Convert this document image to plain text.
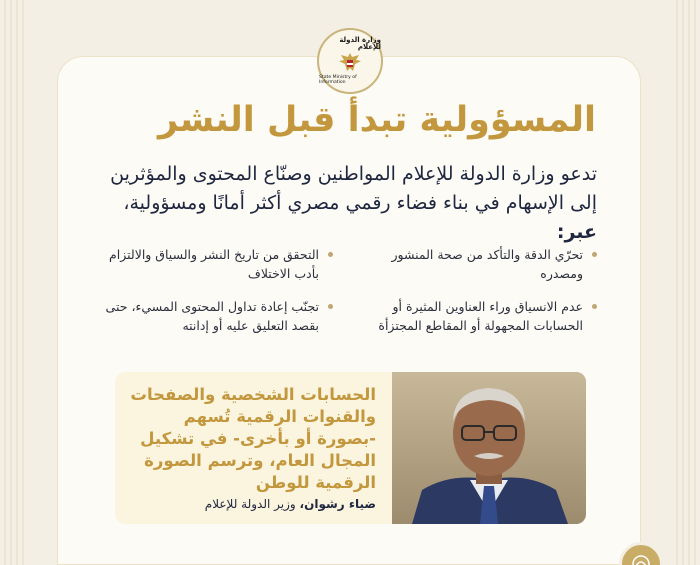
وزارة الدولة للإعلام
State Ministry of Information
المسؤولية تبدأ قبل النشر
تدعو وزارة الدولة للإعلام المواطنين وصنّاع المحتوى والمؤثرين إلى الإسهام في بناء فضاء رقمي مصري أكثر أمانًا ومسؤولية، عبر:
تحرّي الدقة والتأكد من صحة المنشور ومصدره
التحقق من تاريخ النشر والسياق والالتزام بأدب الاختلاف
عدم الانسياق وراء العناوين المثيرة أو الحسابات المجهولة أو المقاطع المجتزأة
تجنّب إعادة تداول المحتوى المسيء، حتى بقصد التعليق عليه أو إدانته
الحسابات الشخصية والصفحات والقنوات الرقمية تُسهم -بصورة أو بأخرى- في تشكيل المجال العام، وترسم الصورة الرقمية للوطن
ضياء رشوان، وزير الدولة للإعلام
